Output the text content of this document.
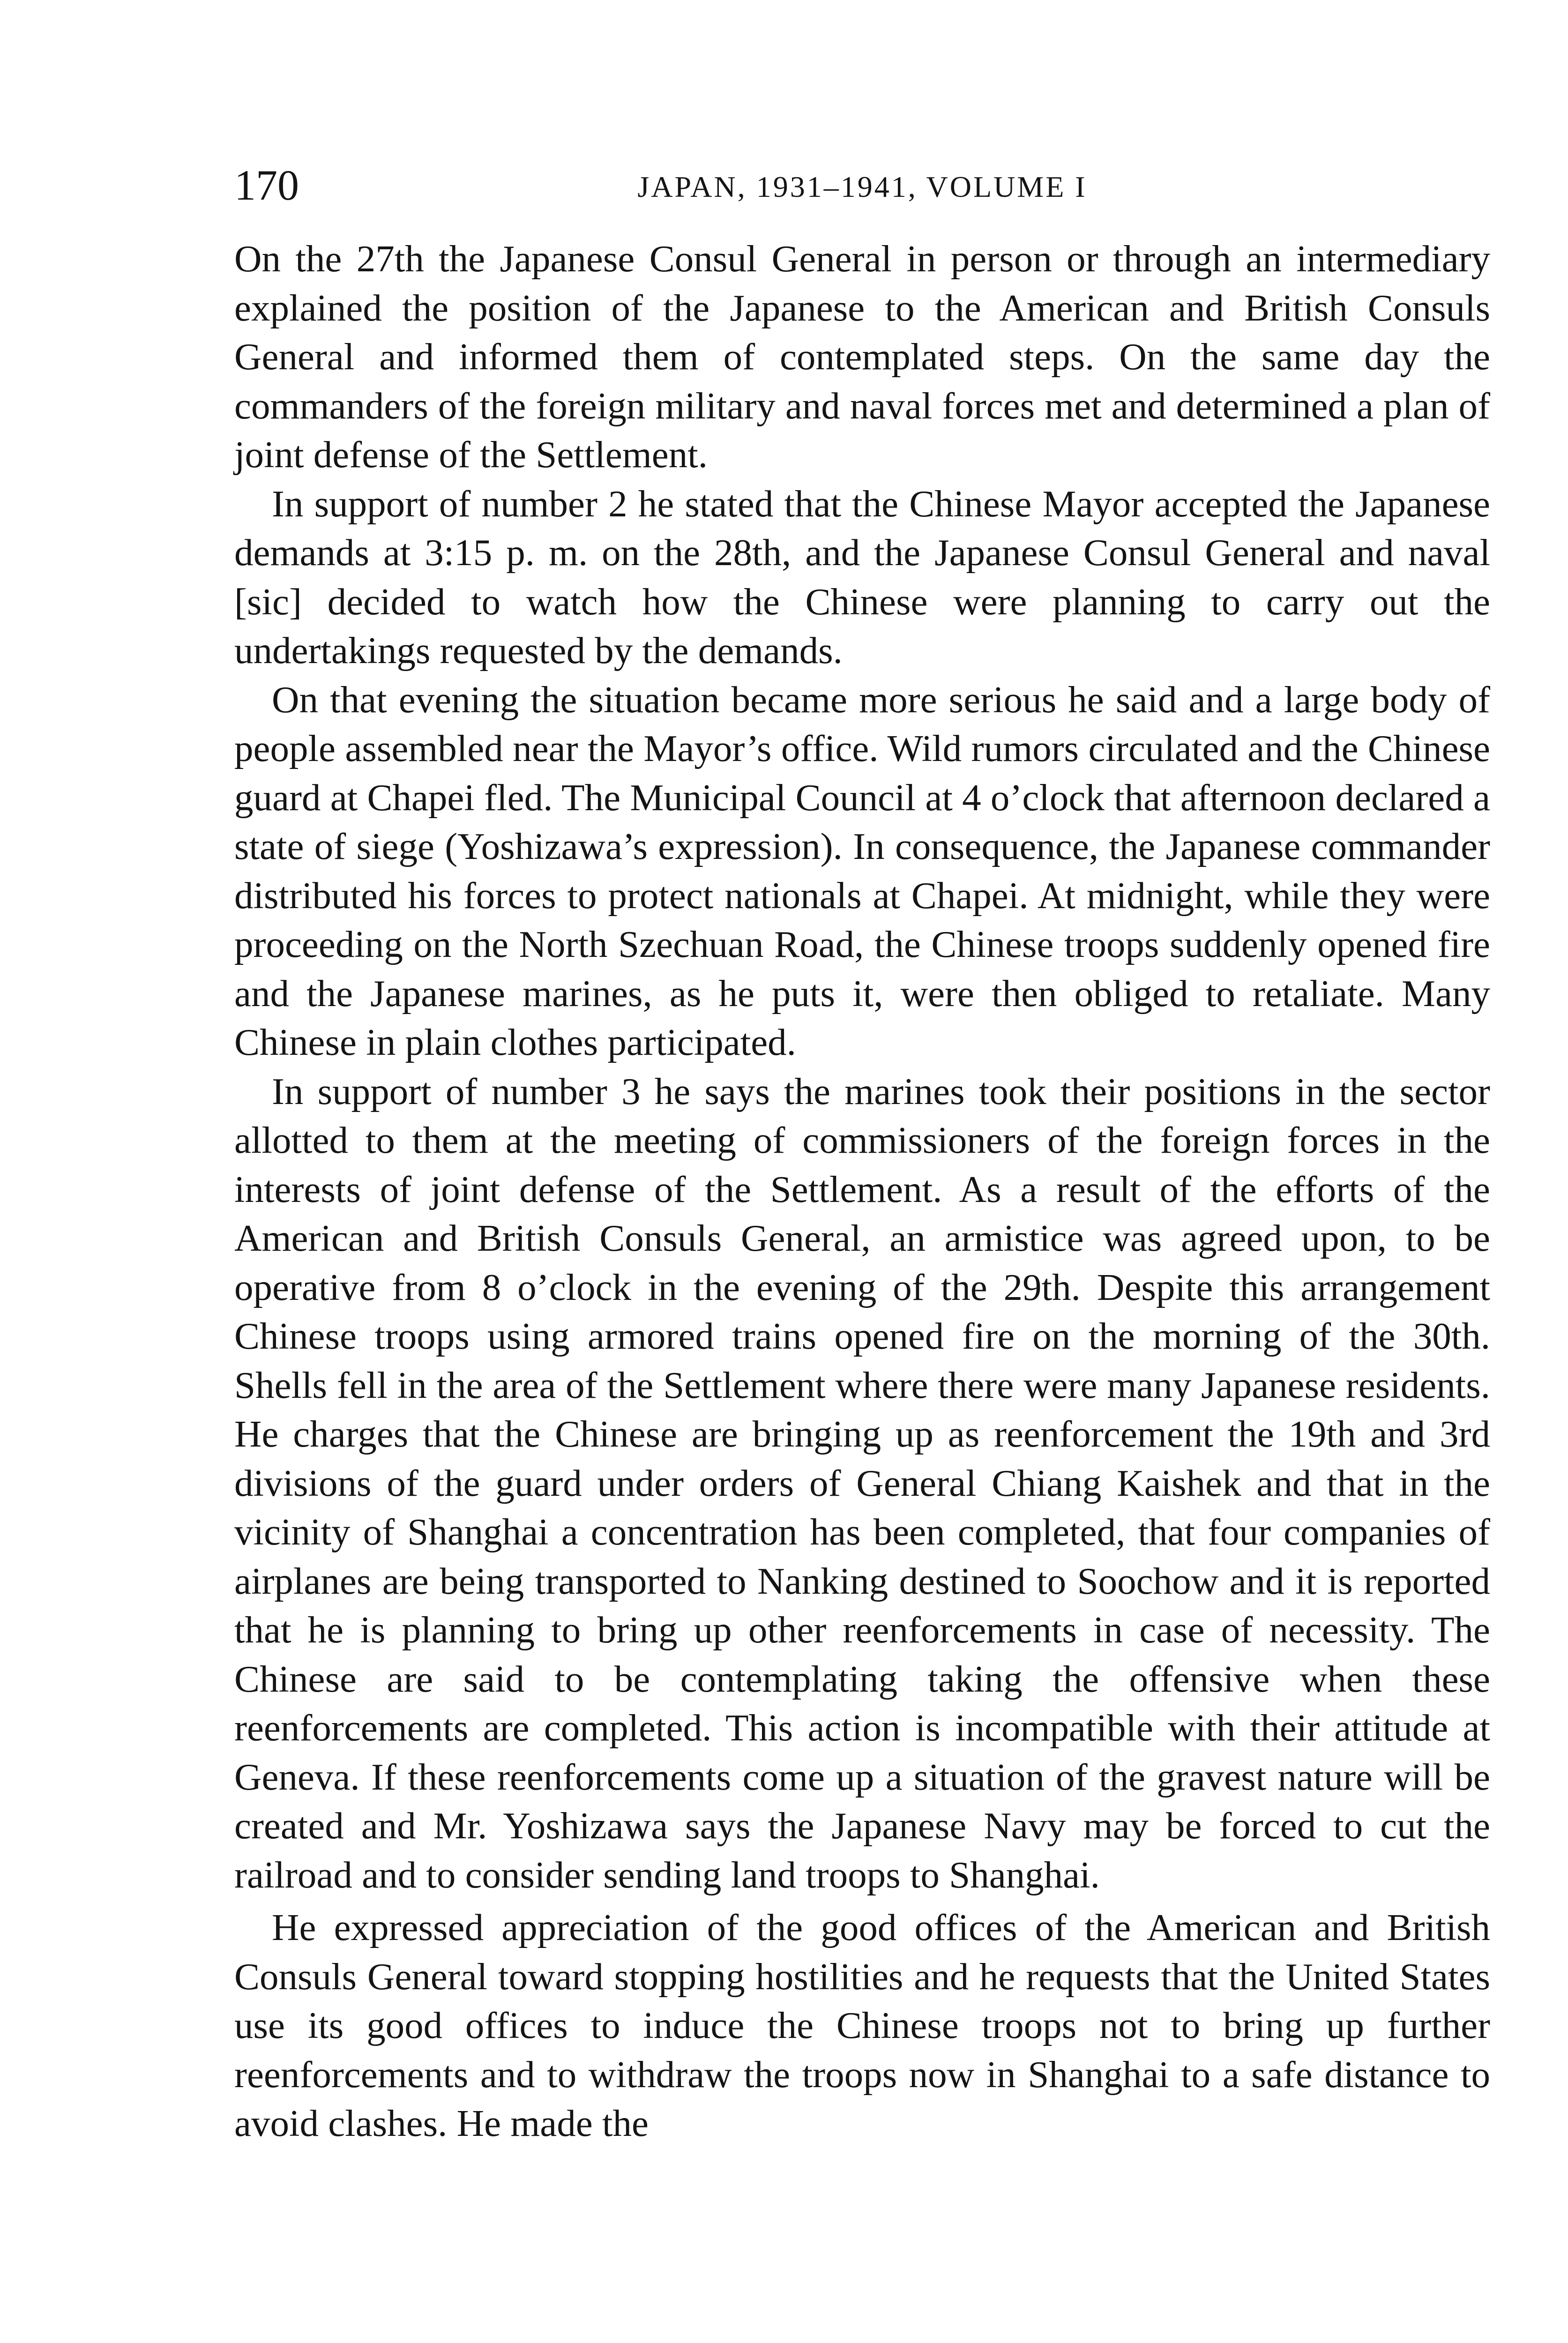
170	JAPAN, 1931–1941, VOLUME I

On the 27th the Japanese Consul General in person or through an intermediary explained the position of the Japanese to the American and British Consuls General and informed them of contemplated steps. On the same day the commanders of the foreign military and naval forces met and determined a plan of joint defense of the Settlement.

In support of number 2 he stated that the Chinese Mayor accepted the Japanese demands at 3:15 p. m. on the 28th, and the Japanese Consul General and naval [sic] decided to watch how the Chinese were planning to carry out the undertakings requested by the demands.

On that evening the situation became more serious he said and a large body of people assembled near the Mayor’s office. Wild rumors circulated and the Chinese guard at Chapei fled. The Municipal Council at 4 o’clock that afternoon declared a state of siege (Yoshizawa’s expression). In consequence, the Japanese commander distributed his forces to protect nationals at Chapei. At midnight, while they were proceeding on the North Szechuan Road, the Chinese troops suddenly opened fire and the Japanese marines, as he puts it, were then obliged to retaliate. Many Chinese in plain clothes participated.

In support of number 3 he says the marines took their positions in the sector allotted to them at the meeting of commissioners of the foreign forces in the interests of joint defense of the Settlement. As a result of the efforts of the American and British Consuls General, an armistice was agreed upon, to be operative from 8 o’clock in the evening of the 29th. Despite this arrangement Chinese troops using armored trains opened fire on the morning of the 30th. Shells fell in the area of the Settlement where there were many Japanese residents. He charges that the Chinese are bringing up as reenforcement the 19th and 3rd divisions of the guard under orders of General Chiang Kaishek and that in the vicinity of Shanghai a concentration has been completed, that four companies of airplanes are being transported to Nanking destined to Soochow and it is reported that he is planning to bring up other reenforcements in case of necessity. The Chinese are said to be contemplating taking the offensive when these reenforcements are completed. This action is incompatible with their attitude at Geneva. If these reenforcements come up a situation of the gravest nature will be created and Mr. Yoshizawa says the Japanese Navy may be forced to cut the railroad and to consider sending land troops to Shanghai.

He expressed appreciation of the good offices of the American and British Consuls General toward stopping hostilities and he requests that the United States use its good offices to induce the Chinese troops not to bring up further reenforcements and to withdraw the troops now in Shanghai to a safe distance to avoid clashes. He made the
